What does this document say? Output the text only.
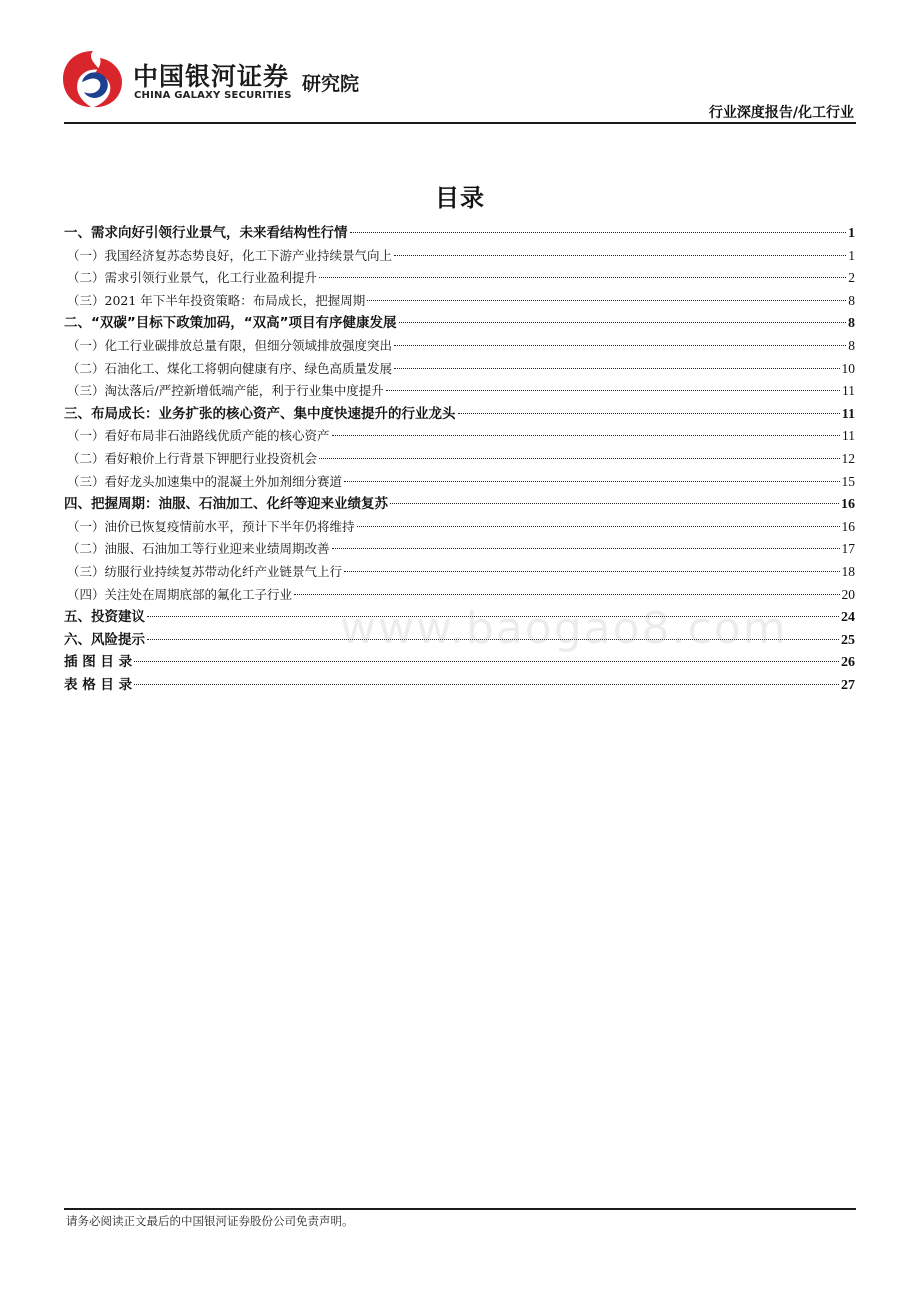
中国银河证券
CHINA GALAXY SECURITIES
研究院
行业深度报告/化工行业
目录
一、需求向好引领行业景气，未来看结构性行情	1
（一）我国经济复苏态势良好，化工下游产业持续景气向上	1
（二）需求引领行业景气，化工行业盈利提升	2
（三）2021 年下半年投资策略：布局成长，把握周期	8
二、“双碳”目标下政策加码，“双高”项目有序健康发展	8
（一）化工行业碳排放总量有限，但细分领域排放强度突出	8
（二）石油化工、煤化工将朝向健康有序、绿色高质量发展	10
（三）淘汰落后/严控新增低端产能，利于行业集中度提升	11
三、布局成长：业务扩张的核心资产、集中度快速提升的行业龙头	11
（一）看好布局非石油路线优质产能的核心资产	11
（二）看好粮价上行背景下钾肥行业投资机会	12
（三）看好龙头加速集中的混凝土外加剂细分赛道	15
四、把握周期：油服、石油加工、化纤等迎来业绩复苏	16
（一）油价已恢复疫情前水平，预计下半年仍将维持	16
（二）油服、石油加工等行业迎来业绩周期改善	17
（三）纺服行业持续复苏带动化纤产业链景气上行	18
（四）关注处在周期底部的氟化工子行业	20
五、投资建议	24
六、风险提示	25
插 图 目 录	26
表 格 目 录	27
www.baogao8.com
请务必阅读正文最后的中国银河证券股份公司免责声明。
